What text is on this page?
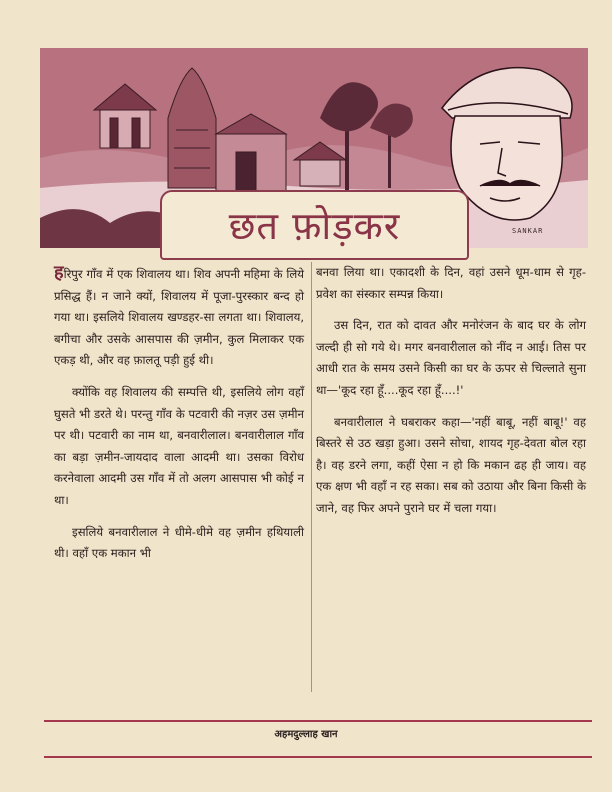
छत फ़ोड़कर	SANKAR

हरिपुर गाँव में एक शिवालय था। शिव अपनी महिमा के लिये प्रसिद्ध हैं। न जाने क्यों, शिवालय में पूजा-पुरस्कार बन्द हो गया था। इसलिये शिवालय खण्डहर-सा लगता था। शिवालय, बगीचा और उसके आसपास की ज़मीन, कुल मिलाकर एक एकड़ थी, और वह फ़ालतू पड़ी हुई थी।

क्योंकि वह शिवालय की सम्पत्ति थी, इसलिये लोग वहाँ घुसते भी डरते थे। परन्तु गाँव के पटवारी की नज़र उस ज़मीन पर थी। पटवारी का नाम था, बनवारीलाल। बनवारीलाल गाँव का बड़ा ज़मीन-जायदाद वाला आदमी था। उसका विरोध करनेवाला आदमी उस गाँव में तो अलग आसपास भी कोई न था।

इसलिये बनवारीलाल ने धीमे-धीमे वह ज़मीन हथियाली थी। वहाँ एक मकान भी

बनवा लिया था। एकादशी के दिन, वहां उसने धूम-धाम से गृह-प्रवेश का संस्कार सम्पन्न किया।

उस दिन, रात को दावत और मनोरंजन के बाद घर के लोग जल्दी ही सो गये थे। मगर बनवारीलाल को नींद न आई। तिस पर आधी रात के समय उसने किसी का घर के ऊपर से चिल्लाते सुना था—'कूद रहा हूँ....कूद रहा हूँ....!'

बनवारीलाल ने घबराकर कहा—'नहीं बाबू, नहीं बाबू!' वह बिस्तरे से उठ खड़ा हुआ। उसने सोचा, शायद गृह-देवता बोल रहा है। वह डरने लगा, कहीं ऐसा न हो कि मकान ढह ही जाय। वह एक क्षण भी वहाँ न रह सका। सब को उठाया और बिना किसी के जाने, वह फिर अपने पुराने घर में चला गया।

अहमदुल्लाह खान
